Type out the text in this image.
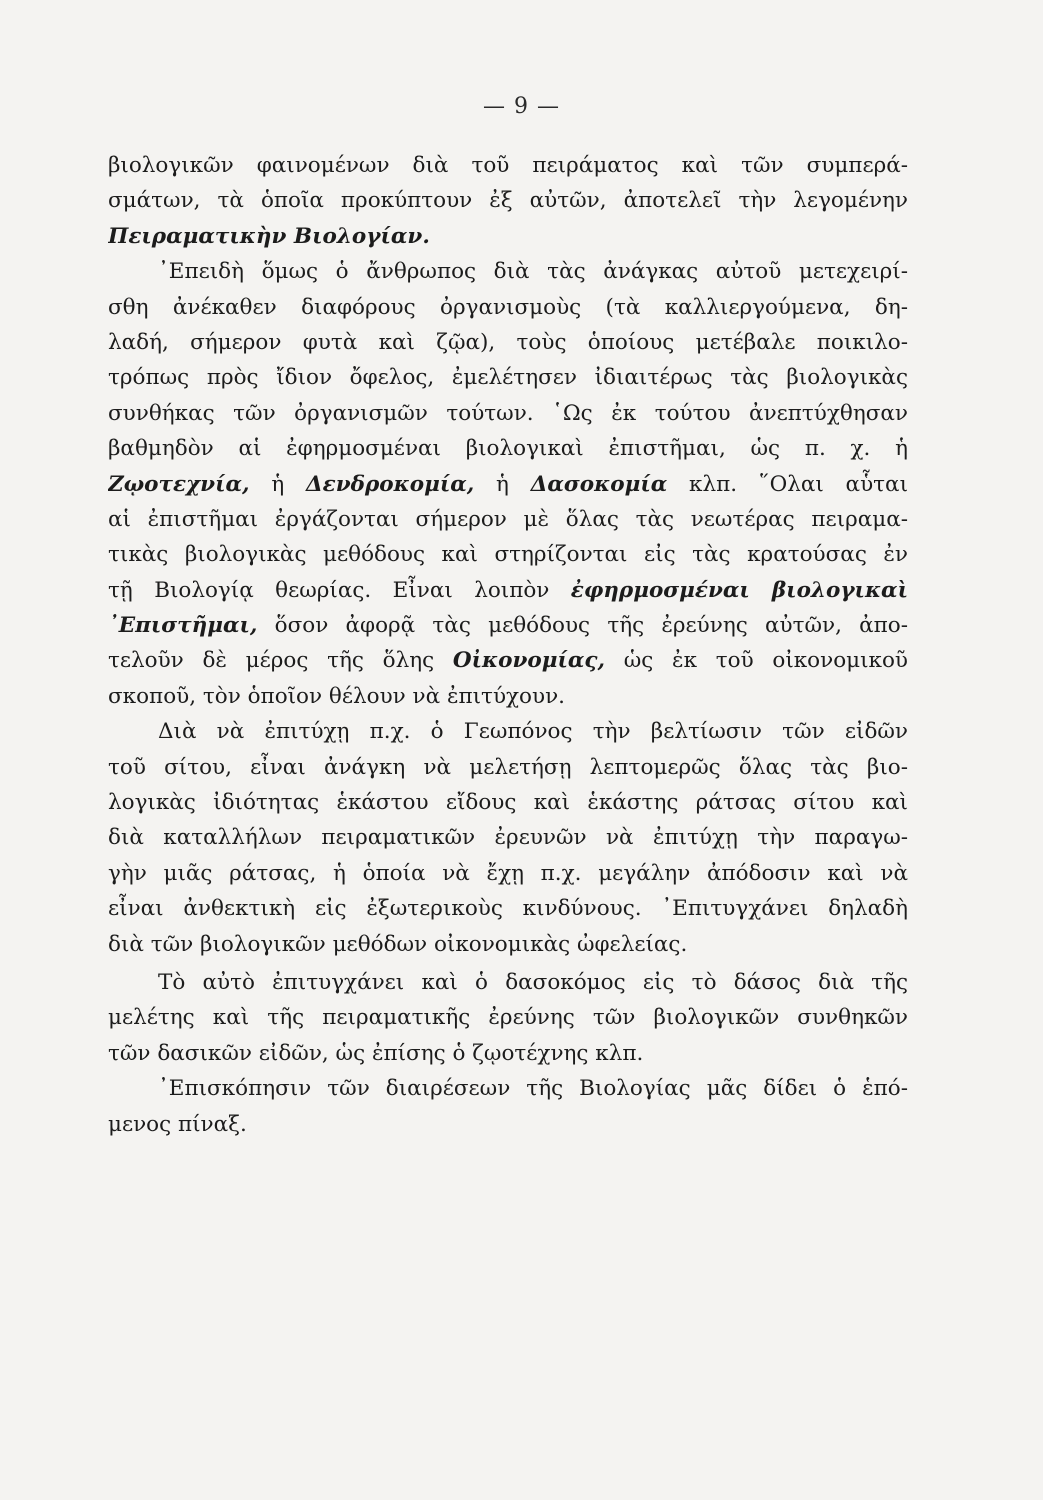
— 9 —
βιολογικῶν φαινομένων διὰ τοῦ πειράματος καὶ τῶν συμπερά-
σμάτων, τὰ ὁποῖα προκύπτουν ἐξ αὐτῶν, ἀποτελεῖ τὴν λεγομένην
Πειραματικὴν Βιολογίαν.
᾿Επειδὴ ὅμως ὁ ἄνθρωπος διὰ τὰς ἀνάγκας αὐτοῦ μετεχειρί-
σθη ἀνέκαθεν διαφόρους ὀργανισμοὺς (τὰ καλλιεργούμενα, δη-
λαδή, σήμερον φυτὰ καὶ ζῷα), τοὺς ὁποίους μετέβαλε ποικιλο-
τρόπως πρὸς ἴδιον ὄφελος, ἐμελέτησεν ἰδιαιτέρως τὰς βιολογικὰς
συνθήκας τῶν ὀργανισμῶν τούτων. ῾Ως ἐκ τούτου ἀνεπτύχθησαν
βαθμηδὸν αἱ ἐφηρμοσμέναι βιολογικαὶ ἐπιστῆμαι, ὡς π. χ. ἡ
Ζῳοτεχνία, ἡ Δενδροκομία, ἡ Δασοκομία κλπ. ῞Ολαι αὗται
αἱ ἐπιστῆμαι ἐργάζονται σήμερον μὲ ὅλας τὰς νεωτέρας πειραμα-
τικὰς βιολογικὰς μεθόδους καὶ στηρίζονται εἰς τὰς κρατούσας ἐν
τῇ Βιολογίᾳ θεωρίας. Εἶναι λοιπὸν ἐφηρμοσμέναι βιολογικαὶ
᾿Επιστῆμαι, ὅσον ἀφορᾷ τὰς μεθόδους τῆς ἐρεύνης αὐτῶν, ἀπο-
τελοῦν δὲ μέρος τῆς ὅλης Οἰκονομίας, ὡς ἐκ τοῦ οἰκονομικοῦ
σκοποῦ, τὸν ὁποῖον θέλουν νὰ ἐπιτύχουν.
Διὰ νὰ ἐπιτύχῃ π.χ. ὁ Γεωπόνος τὴν βελτίωσιν τῶν εἰδῶν
τοῦ σίτου, εἶναι ἀνάγκη νὰ μελετήσῃ λεπτομερῶς ὅλας τὰς βιο-
λογικὰς ἰδιότητας ἑκάστου εἴδους καὶ ἑκάστης ράτσας σίτου καὶ
διὰ καταλλήλων πειραματικῶν ἐρευνῶν νὰ ἐπιτύχῃ τὴν παραγω-
γὴν μιᾶς ράτσας, ἡ ὁποία νὰ ἔχῃ π.χ. μεγάλην ἀπόδοσιν καὶ νὰ
εἶναι ἀνθεκτικὴ εἰς ἐξωτερικοὺς κινδύνους. ᾿Επιτυγχάνει δηλαδὴ
διὰ τῶν βιολογικῶν μεθόδων οἰκονομικὰς ὠφελείας.
Τὸ αὐτὸ ἐπιτυγχάνει καὶ ὁ δασοκόμος εἰς τὸ δάσος διὰ τῆς
μελέτης καὶ τῆς πειραματικῆς ἐρεύνης τῶν βιολογικῶν συνθηκῶν
τῶν δασικῶν εἰδῶν, ὡς ἐπίσης ὁ ζῳοτέχνης κλπ.
᾿Επισκόπησιν τῶν διαιρέσεων τῆς Βιολογίας μᾶς δίδει ὁ ἑπό-
μενος πίναξ.
